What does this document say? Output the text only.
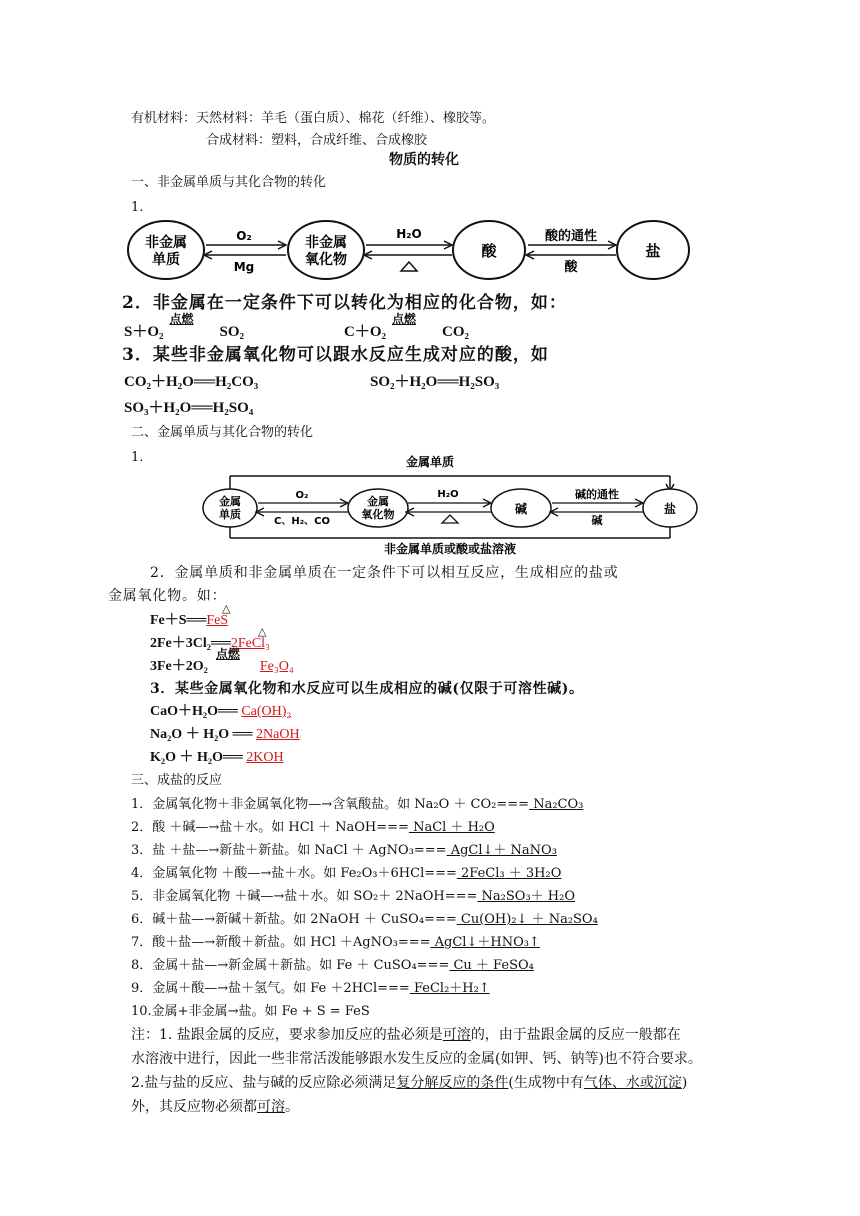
有机材料：天然材料：羊毛（蛋白质）、棉花（纤维）、橡胶等。
合成材料：塑料，合成纤维、合成橡胶
物质的转化
一、非金属单质与其化合物的转化
1.
非金属
单质
非金属
氧化物	酸	盐
O₂
Mg
H₂O	酸的通性
酸
2．非金属在一定条件下可以转化为相应的化合物，如：
S＋O₂
点燃
SO₂	C＋O₂
点燃
CO₂
3．某些非金属氧化物可以跟水反应生成对应的酸，如
CO₂＋H₂O══H₂CO₃	SO₂＋H₂O══H₂SO₃
SO₃＋H₂O══H₂SO₄
二、金属单质与其化合物的转化
1.	金属单质
非金属单质或酸或盐溶液
金属
单质
金属
氧化物	碱	盐
O₂
C、H₂、CO
H₂O	碱的通性
碱
2．金属单质和非金属单质在一定条件下可以相互反应，生成相应的盐或
金属氧化物。如：
Fe＋S══
△
FeS
2Fe＋3Cl₂══
△
2FeCl₃
3Fe＋2O₂
点燃
Fe₃O₄
3．某些金属氧化物和水反应可以生成相应的碱(仅限于可溶性碱)。
CaO＋H₂O══ Ca(OH)₂
Na₂O ＋ H₂O ══ 2NaOH
K₂O ＋ H₂O══ 2KOH
三、成盐的反应
1．金属氧化物＋非金属氧化物—→含氧酸盐。如 Na₂O ＋ CO₂=== Na₂CO₃
2．酸 ＋碱—→盐＋水。如 HCl ＋ NaOH=== NaCl ＋ H₂O
3．盐 ＋盐—→新盐＋新盐。如 NaCl ＋ AgNO₃=== AgCl↓＋ NaNO₃
4．金属氧化物 ＋酸—→盐＋水。如 Fe₂O₃＋6HCl=== 2FeCl₃ ＋ 3H₂O
5．非金属氧化物 ＋碱—→盐＋水。如 SO₂＋ 2NaOH=== Na₂SO₃＋ H₂O
6．碱＋盐—→新碱＋新盐。如 2NaOH ＋ CuSO₄=== Cu(OH)₂↓ ＋ Na₂SO₄
7．酸＋盐—→新酸＋新盐。如 HCl ＋AgNO₃=== AgCl↓＋HNO₃↑
8．金属＋盐—→新金属＋新盐。如 Fe ＋ CuSO₄=== Cu ＋ FeSO₄
9．金属＋酸—→盐＋氢气。如 Fe ＋2HCl=== FeCl₂＋H₂↑
10.金属+非金属→盐。如 Fe + S = FeS
注：1. 盐跟金属的反应，要求参加反应的盐必须是可溶的，由于盐跟金属的反应一般都在
水溶液中进行，因此一些非常活泼能够跟水发生反应的金属(如钾、钙、钠等)也不符合要求。
2.盐与盐的反应、盐与碱的反应除必须满足复分解反应的条件(生成物中有气体、水或沉淀)
外，其反应物必须都可溶。
